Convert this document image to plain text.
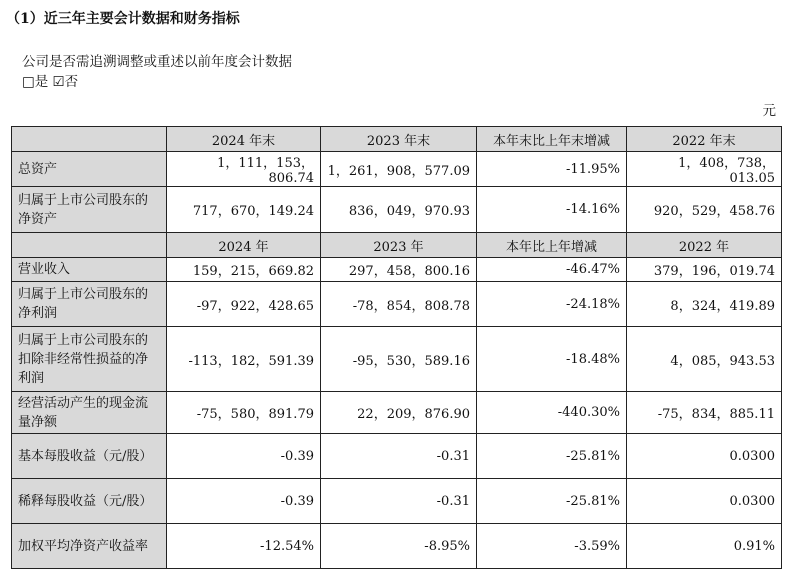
（1）近三年主要会计数据和财务指标
公司是否需追溯调整或重述以前年度会计数据
□是 ☑否
元
	2024 年末	2023 年末	本年末比上年末增减	2022 年末
总资产	1，111，153，806.74	1，261，908，577.09	-11.95%	1，408，738，013.05
归属于上市公司股东的净资产	717，670，149.24	836，049，970.93	-14.16%	920，529，458.76
	2024 年	2023 年	本年比上年增减	2022 年
营业收入	159，215，669.82	297，458，800.16	-46.47%	379，196，019.74
归属于上市公司股东的净利润	-97，922，428.65	-78，854，808.78	-24.18%	8，324，419.89
归属于上市公司股东的扣除非经常性损益的净利润	-113，182，591.39	-95，530，589.16	-18.48%	4，085，943.53
经营活动产生的现金流量净额	-75，580，891.79	22，209，876.90	-440.30%	-75，834，885.11
基本每股收益（元/股）	-0.39	-0.31	-25.81%	0.0300
稀释每股收益（元/股）	-0.39	-0.31	-25.81%	0.0300
加权平均净资产收益率	-12.54%	-8.95%	-3.59%	0.91%
